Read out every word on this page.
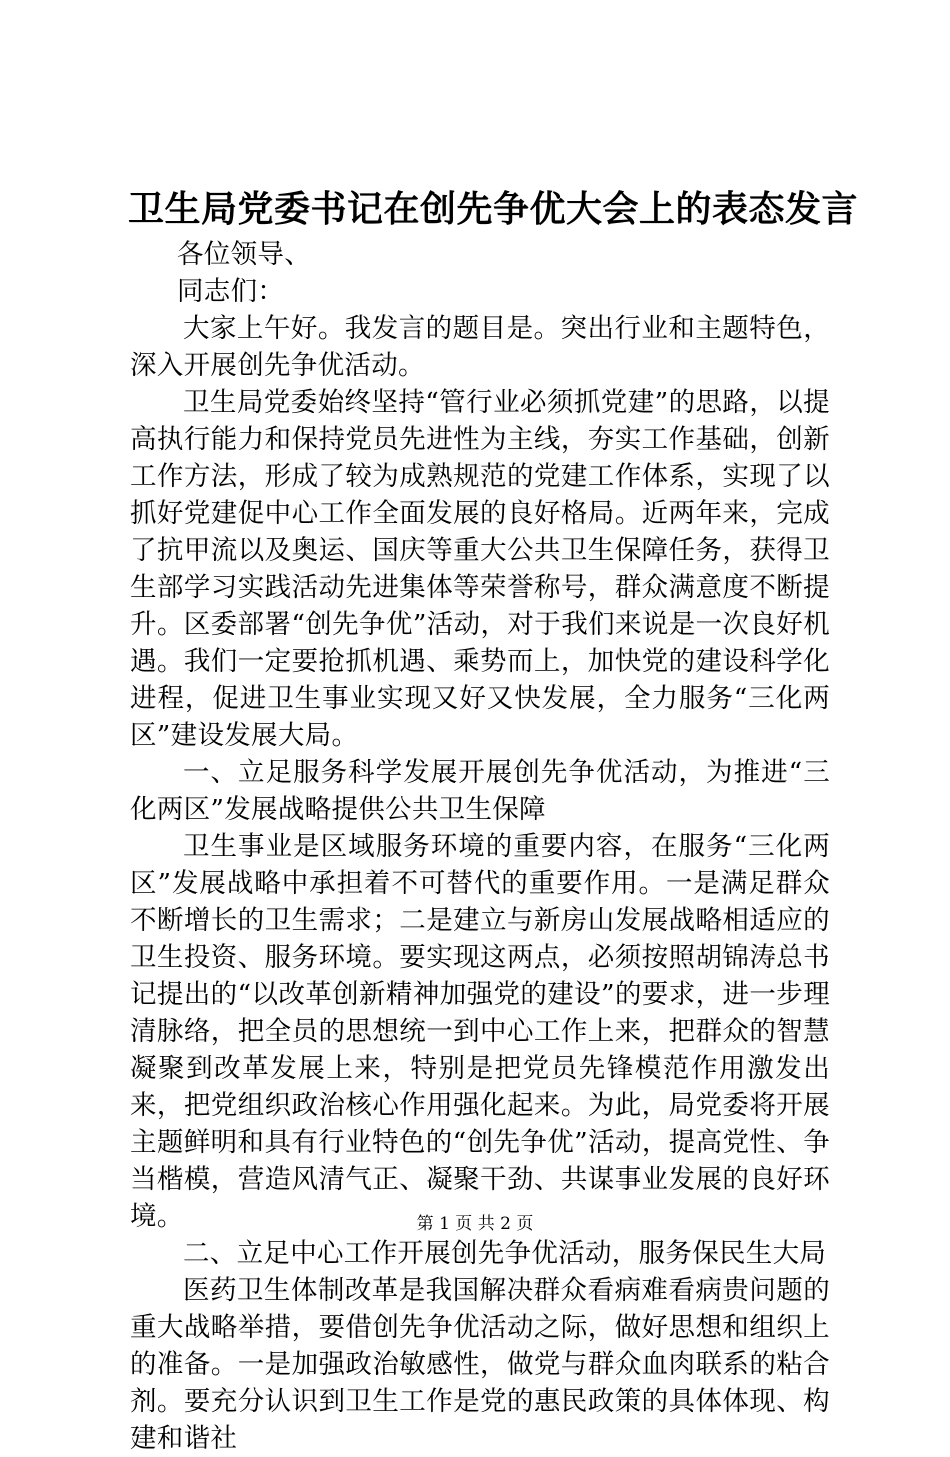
卫生局党委书记在创先争优大会上的表态发言

各位领导、

同志们：

大家上午好。我发言的题目是。突出行业和主题特色，深入开展创先争优活动。

卫生局党委始终坚持“管行业必须抓党建”的思路，以提高执行能力和保持党员先进性为主线，夯实工作基础，创新工作方法，形成了较为成熟规范的党建工作体系，实现了以抓好党建促中心工作全面发展的良好格局。近两年来，完成了抗甲流以及奥运、国庆等重大公共卫生保障任务，获得卫生部学习实践活动先进集体等荣誉称号，群众满意度不断提升。区委部署“创先争优”活动，对于我们来说是一次良好机遇。我们一定要抢抓机遇、乘势而上，加快党的建设科学化进程，促进卫生事业实现又好又快发展，全力服务“三化两区”建设发展大局。

一、立足服务科学发展开展创先争优活动，为推进“三化两区”发展战略提供公共卫生保障

卫生事业是区域服务环境的重要内容，在服务“三化两区”发展战略中承担着不可替代的重要作用。一是满足群众不断增长的卫生需求；二是建立与新房山发展战略相适应的卫生投资、服务环境。要实现这两点，必须按照胡锦涛总书记提出的“以改革创新精神加强党的建设”的要求，进一步理清脉络，把全员的思想统一到中心工作上来，把群众的智慧凝聚到改革发展上来，特别是把党员先锋模范作用激发出来，把党组织政治核心作用强化起来。为此，局党委将开展主题鲜明和具有行业特色的“创先争优”活动，提高党性、争当楷模，营造风清气正、凝聚干劲、共谋事业发展的良好环境。

二、立足中心工作开展创先争优活动，服务保民生大局

医药卫生体制改革是我国解决群众看病难看病贵问题的重大战略举措，要借创先争优活动之际，做好思想和组织上的准备。一是加强政治敏感性，做党与群众血肉联系的粘合剂。要充分认识到卫生工作是党的惠民政策的具体体现、构建和谐社

第 1 页 共 2 页
